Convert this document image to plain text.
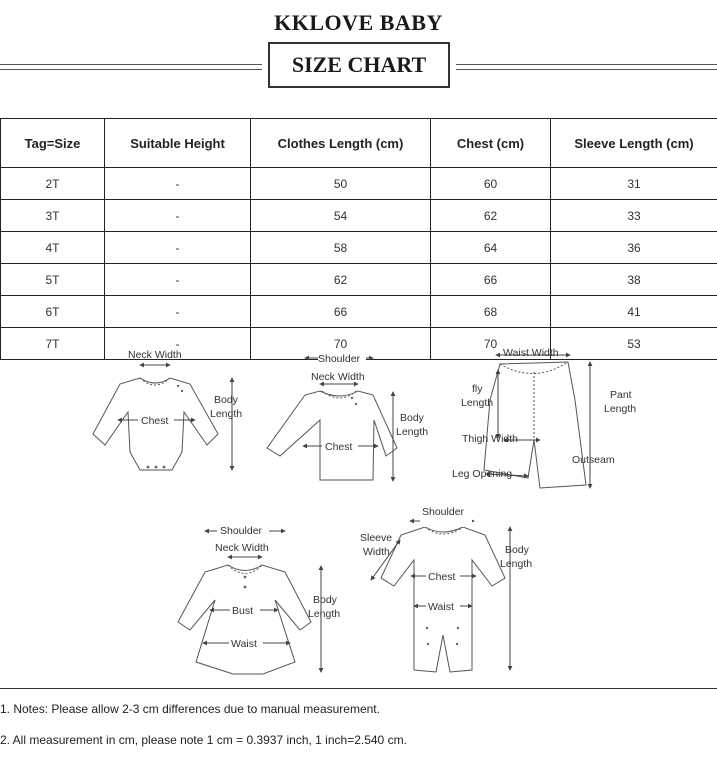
KKLOVE BABY
SIZE CHART
Tag=Size	Suitable Height	Clothes Length (cm)	Chest (cm)	Sleeve Length (cm)
2T	-	50	60	31
3T	-	54	62	33
4T	-	58	64	36
5T	-	62	66	38
6T	-	66	68	41
7T	-	70	70	53
Neck Width
Chest
Body
Length
Shoulder
Neck Width
Chest
Body
Length
Waist Width
fly
Length
Pant
Length
Thigh Width
Outseam
Leg Opening
Shoulder
Neck Width
Bust
Waist
Body
Length
Shoulder
Sleeve
Width
Chest
Waist
Body
Length
1. Notes: Please allow 2-3 cm differences due to manual measurement.
2. All measurement in cm, please note 1 cm = 0.3937 inch, 1 inch=2.540 cm.
